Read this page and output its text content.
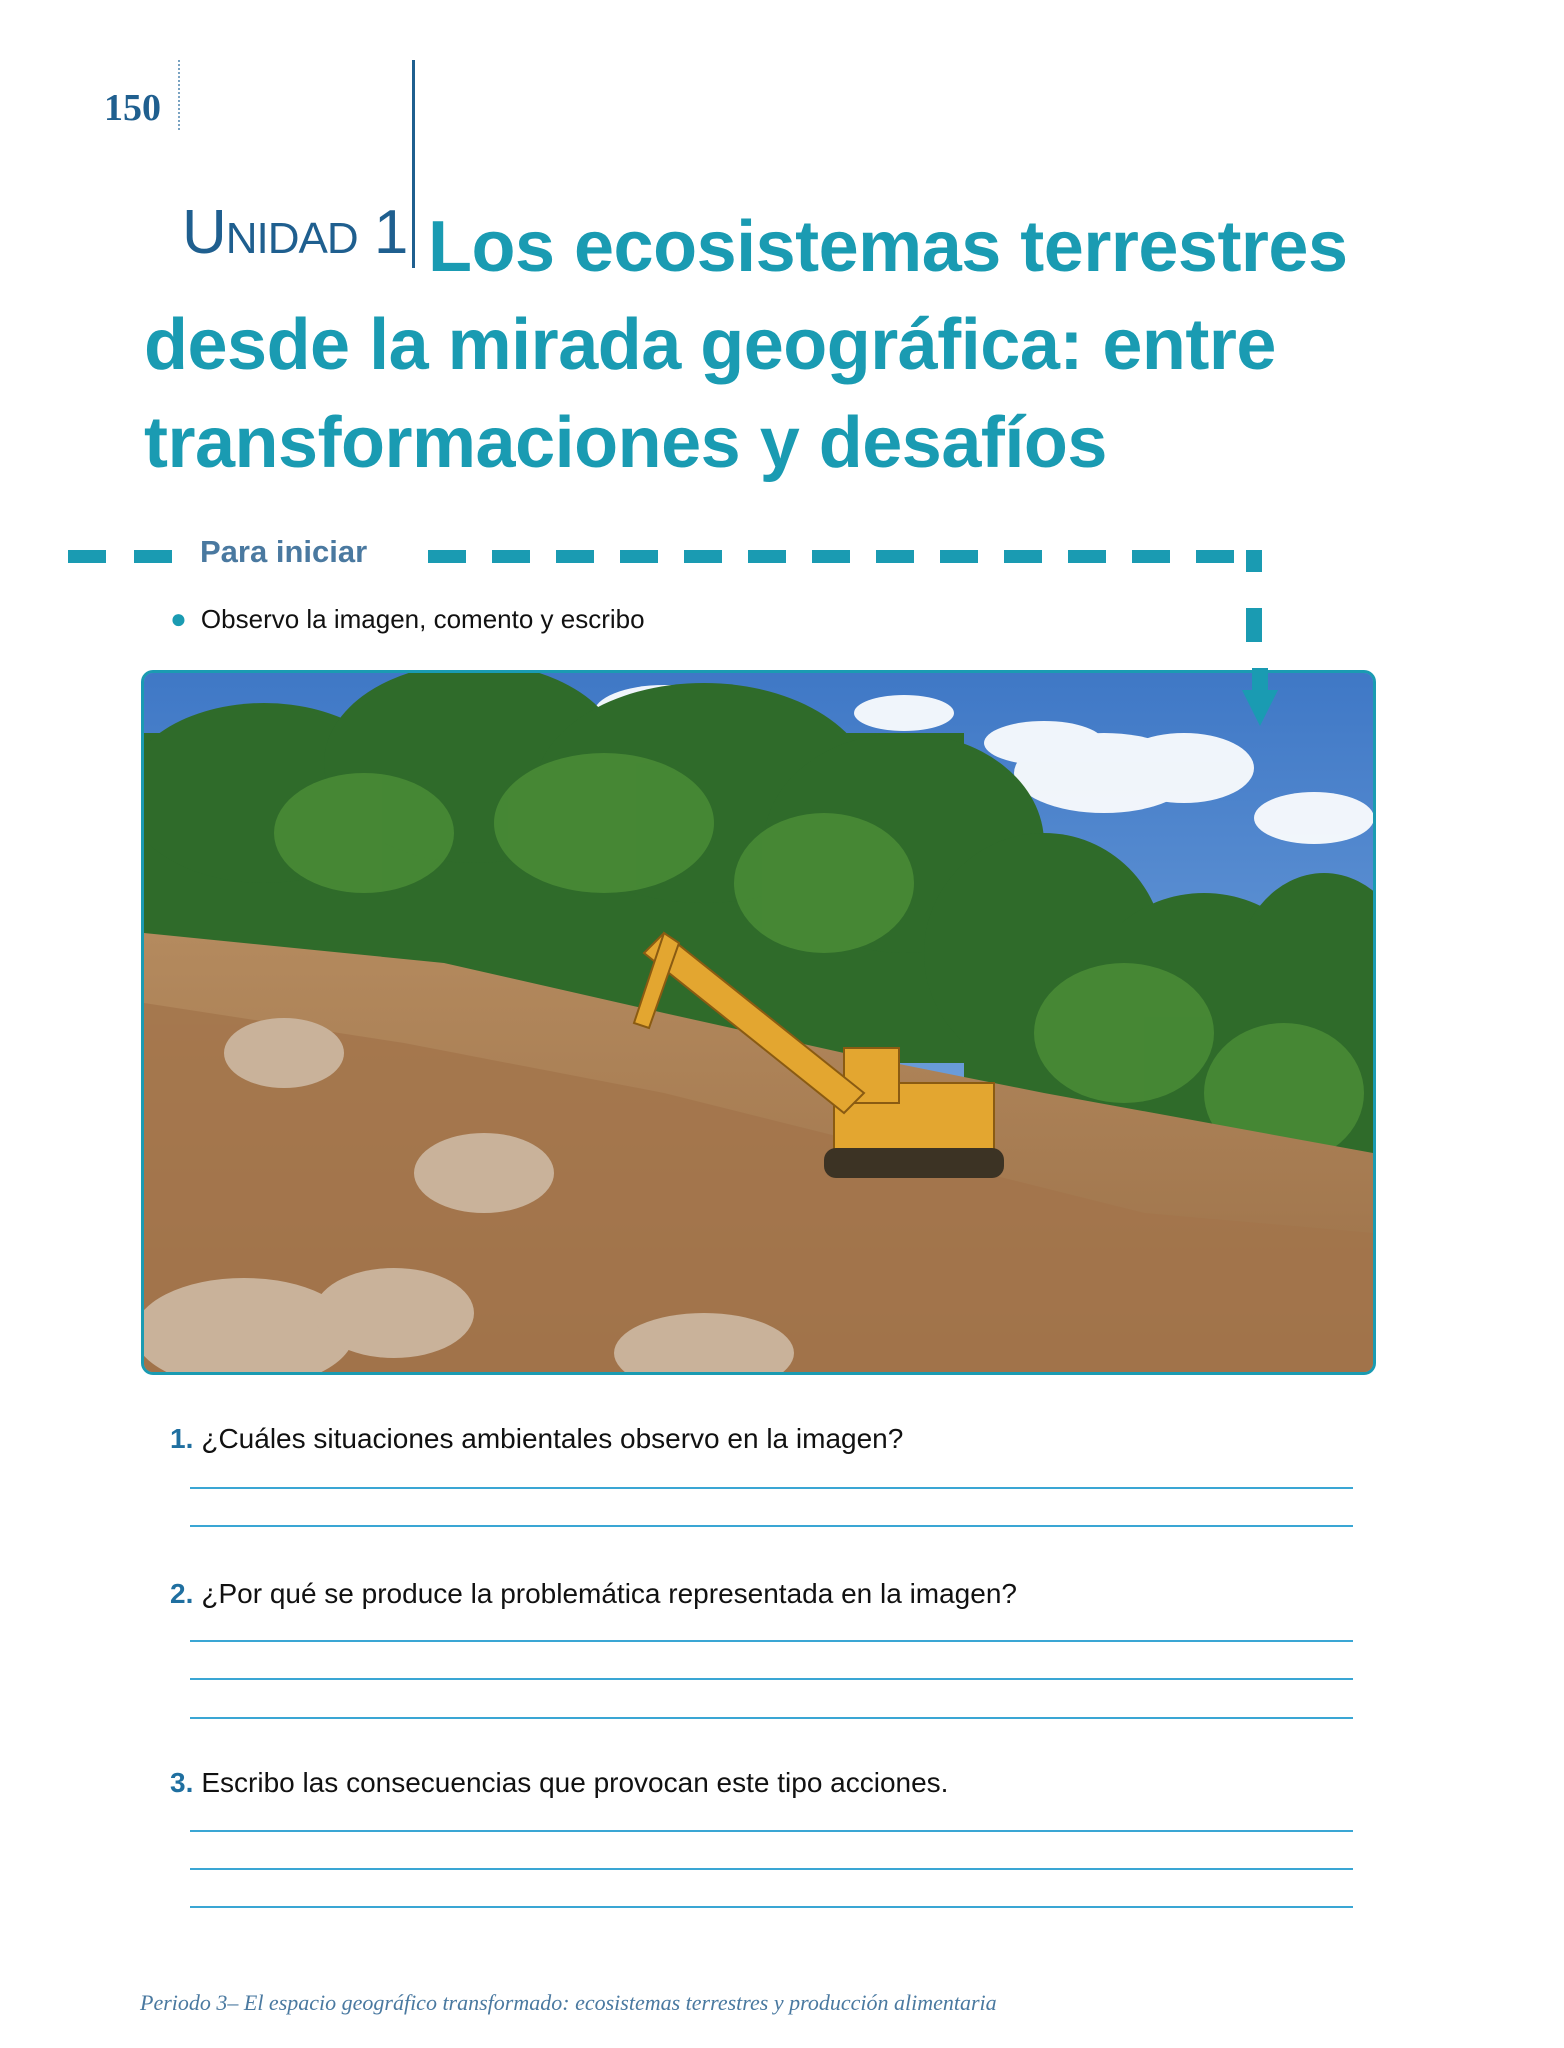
150
UNIDAD 1 Los ecosistemas terrestres desde la mirada geográfica: entre transformaciones y desafíos
Para iniciar
● Observo la imagen, comento y escribo
1. ¿Cuáles situaciones ambientales observo en la imagen?
2. ¿Por qué se produce la problemática representada en la imagen?
3. Escribo las consecuencias que provocan este tipo acciones.
Periodo 3– El espacio geográfico transformado: ecosistemas terrestres y producción alimentaria
